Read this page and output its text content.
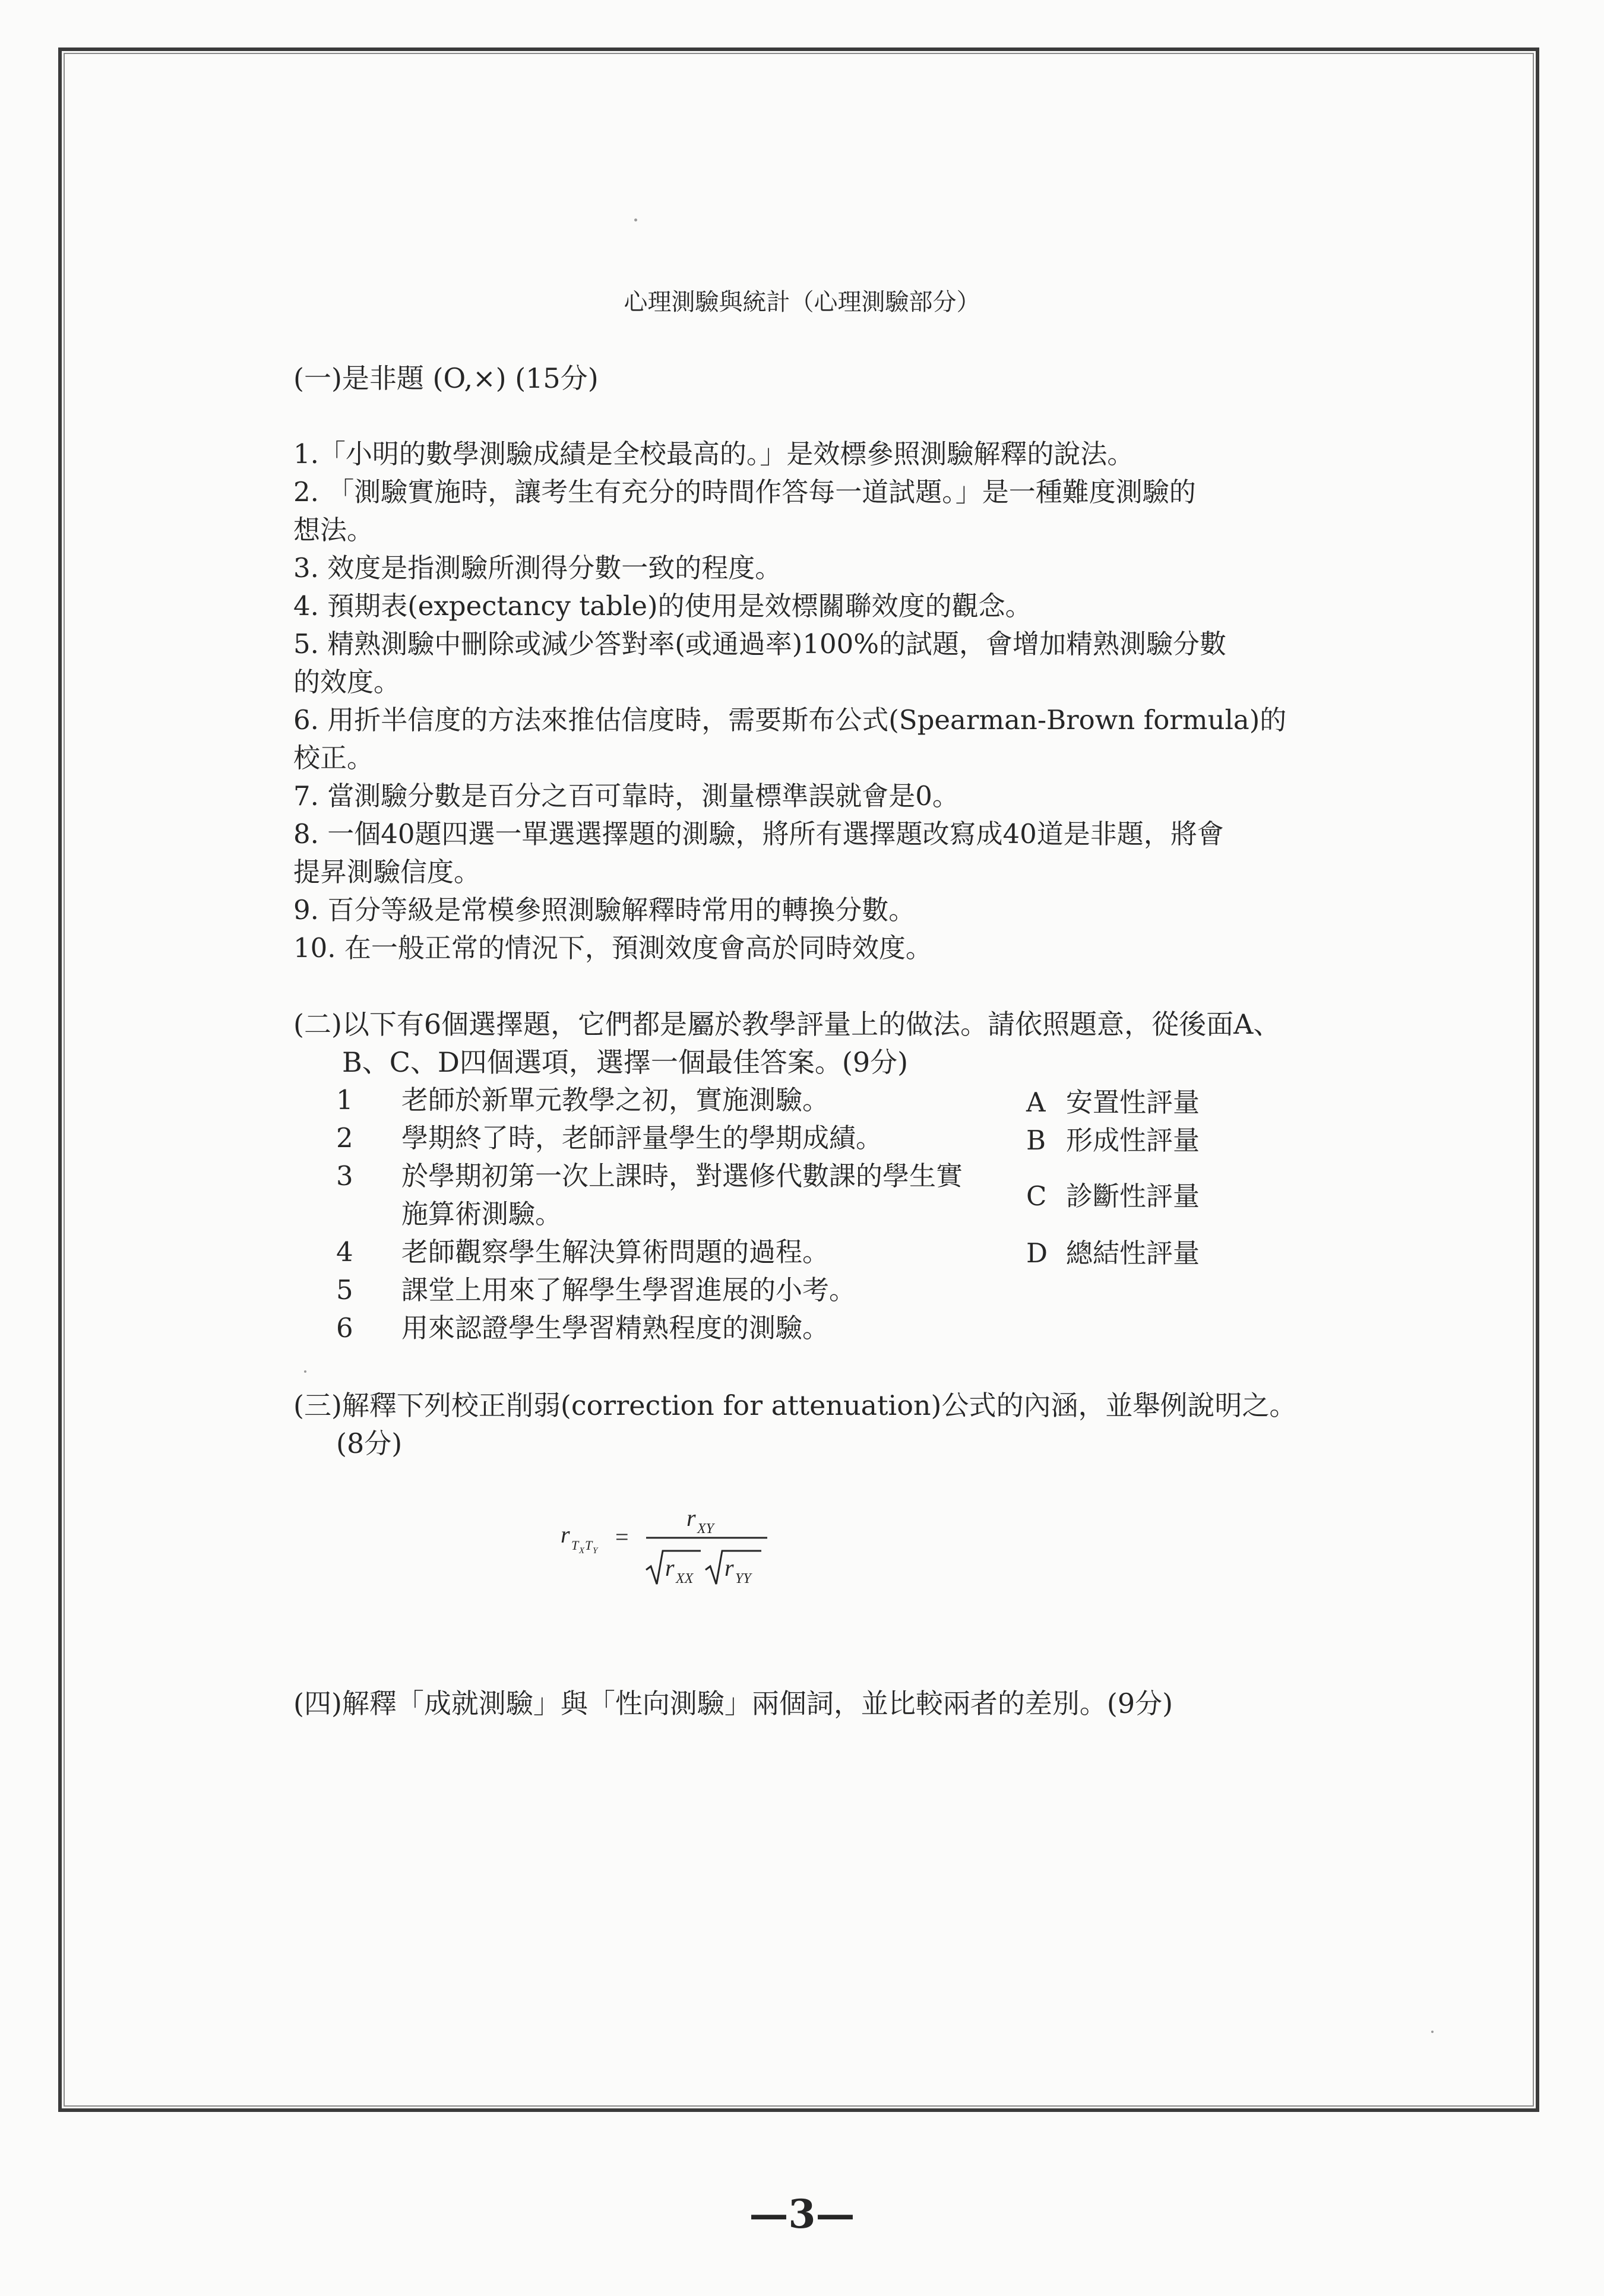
心理測驗與統計（心理測驗部分）
(一)是非題 (O,×) (15分)
1.「小明的數學測驗成績是全校最高的。」是效標參照測驗解釋的說法。
2. 「測驗實施時，讓考生有充分的時間作答每一道試題。」是一種難度測驗的
想法。
3. 效度是指測驗所測得分數一致的程度。
4. 預期表(expectancy table)的使用是效標關聯效度的觀念。
5. 精熟測驗中刪除或減少答對率(或通過率)100%的試題，會增加精熟測驗分數
的效度。
6. 用折半信度的方法來推估信度時，需要斯布公式(Spearman-Brown formula)的
校正。
7. 當測驗分數是百分之百可靠時，測量標準誤就會是0。
8. 一個40題四選一單選選擇題的測驗，將所有選擇題改寫成40道是非題，將會
提昇測驗信度。
9. 百分等級是常模參照測驗解釋時常用的轉換分數。
10. 在一般正常的情況下，預測效度會高於同時效度。
(二)以下有6個選擇題，它們都是屬於教學評量上的做法。請依照題意，從後面A、
B、C、D四個選項，選擇一個最佳答案。(9分)
1 老師於新單元教學之初，實施測驗。
2 學期終了時，老師評量學生的學期成績。
3 於學期初第一次上課時，對選修代數課的學生實
施算術測驗。
4 老師觀察學生解決算術問題的過程。
5 課堂上用來了解學生學習進展的小考。
6 用來認證學生學習精熟程度的測驗。
A 安置性評量
B 形成性評量
C 診斷性評量
D 總結性評量
(三)解釋下列校正削弱(correction for attenuation)公式的內涵，並舉例說明之。
(8分)
r T X T Y
=
r XY
r XX r YY
(四)解釋「成就測驗」與「性向測驗」兩個詞，並比較兩者的差別。(9分)
—3—
